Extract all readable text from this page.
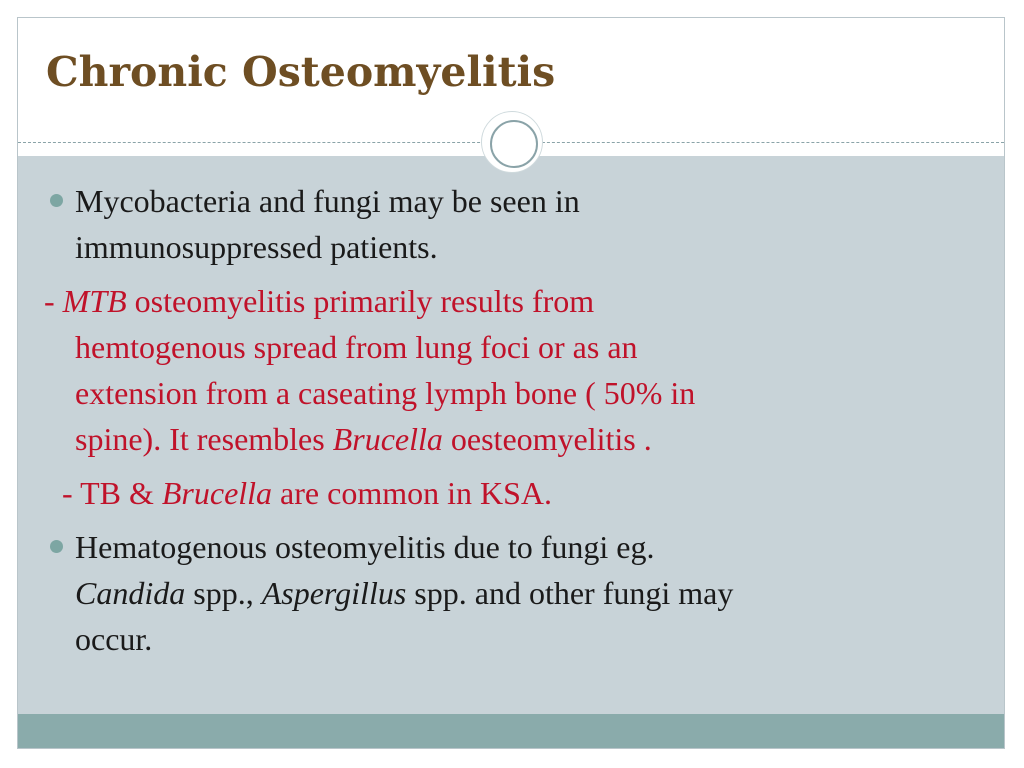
Chronic Osteomyelitis
Mycobacteria and fungi may be seen in
immunosuppressed patients.
- MTB osteomyelitis primarily results from
hemtogenous spread from lung foci or as an
extension from a caseating lymph bone ( 50% in
spine). It resembles Brucella oesteomyelitis .
- TB & Brucella are common in KSA.
Hematogenous osteomyelitis due to fungi eg.
Candida spp., Aspergillus spp. and other fungi may
occur.
